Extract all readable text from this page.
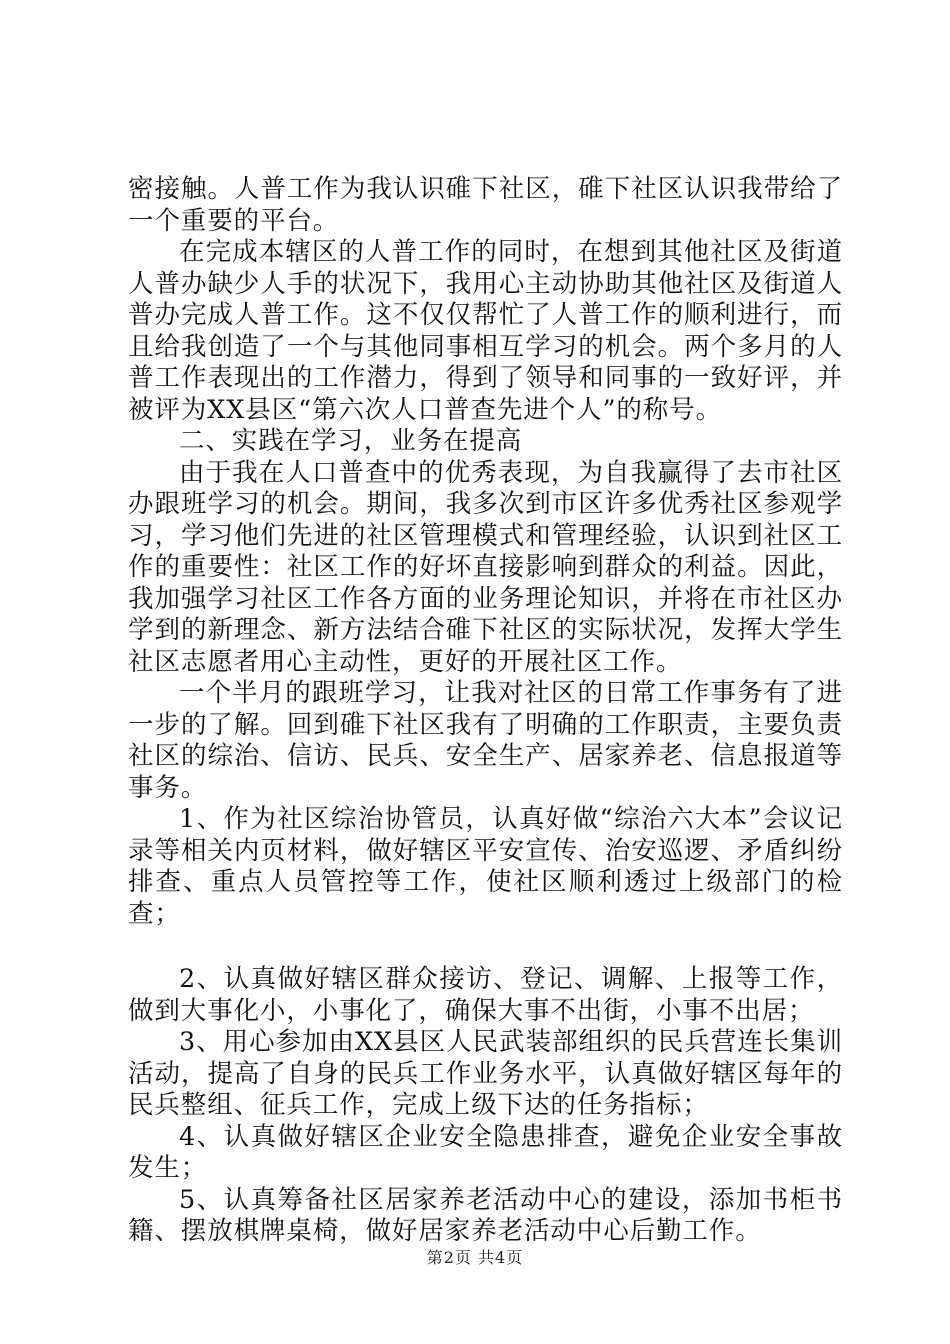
密接触。人普工作为我认识碓下社区，碓下社区认识我带给了一个重要的平台。

在完成本辖区的人普工作的同时，在想到其他社区及街道人普办缺少人手的状况下，我用心主动协助其他社区及街道人普办完成人普工作。这不仅仅帮忙了人普工作的顺利进行，而且给我创造了一个与其他同事相互学习的机会。两个多月的人普工作表现出的工作潜力，得到了领导和同事的一致好评，并被评为XX县区“第六次人口普查先进个人”的称号。

二、实践在学习，业务在提高

由于我在人口普查中的优秀表现，为自我赢得了去市社区办跟班学习的机会。期间，我多次到市区许多优秀社区参观学习，学习他们先进的社区管理模式和管理经验，认识到社区工作的重要性：社区工作的好坏直接影响到群众的利益。因此，我加强学习社区工作各方面的业务理论知识，并将在市社区办学到的新理念、新方法结合碓下社区的实际状况，发挥大学生社区志愿者用心主动性，更好的开展社区工作。

一个半月的跟班学习，让我对社区的日常工作事务有了进一步的了解。回到碓下社区我有了明确的工作职责，主要负责社区的综治、信访、民兵、安全生产、居家养老、信息报道等事务。

1、作为社区综治协管员，认真好做“综治六大本”会议记录等相关内页材料，做好辖区平安宣传、治安巡逻、矛盾纠纷排查、重点人员管控等工作，使社区顺利透过上级部门的检查；

2、认真做好辖区群众接访、登记、调解、上报等工作，做到大事化小，小事化了，确保大事不出街，小事不出居；

3、用心参加由XX县区人民武装部组织的民兵营连长集训活动，提高了自身的民兵工作业务水平，认真做好辖区每年的民兵整组、征兵工作，完成上级下达的任务指标；

4、认真做好辖区企业安全隐患排查，避免企业安全事故发生；

5、认真筹备社区居家养老活动中心的建设，添加书柜书籍、摆放棋牌桌椅，做好居家养老活动中心后勤工作。

第2页 共4页
